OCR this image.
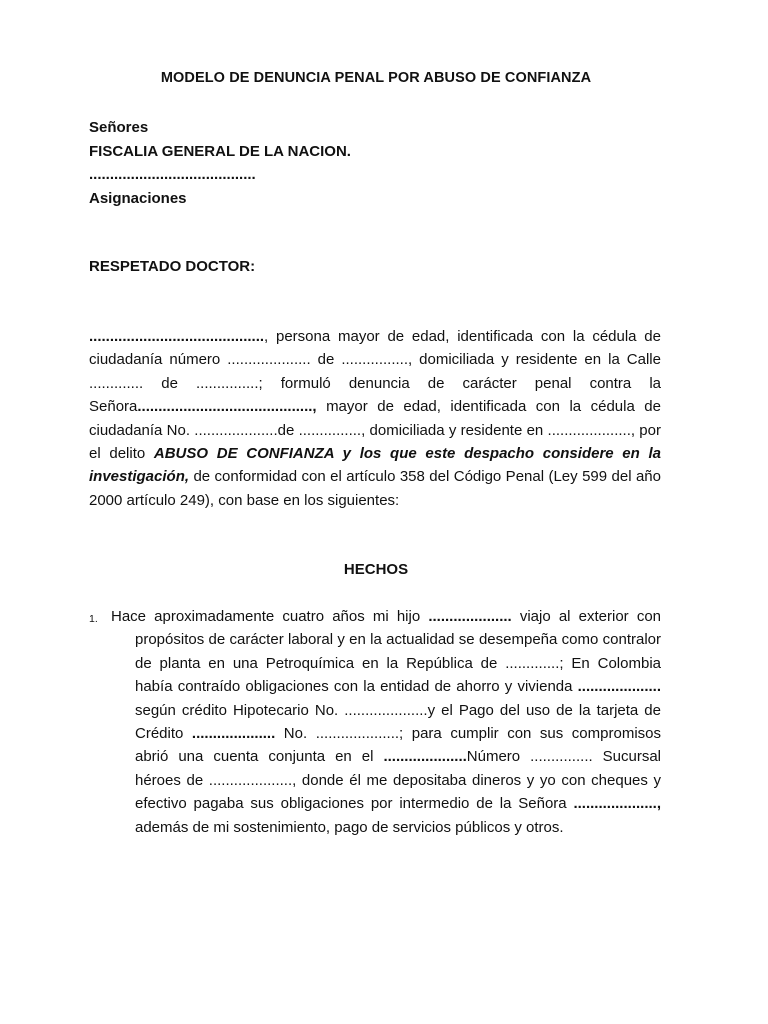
MODELO DE DENUNCIA PENAL POR ABUSO DE CONFIANZA
Señores
FISCALIA GENERAL DE LA NACION.
........................................
Asignaciones
RESPETADO DOCTOR:
.........................................., persona mayor de edad, identificada con la cédula de ciudadanía número .................... de ................, domiciliada y residente en la Calle ............. de ...............; formuló denuncia de carácter penal contra la Señora.........................................., mayor de edad, identificada con la cédula de ciudadanía No. ....................de ..............., domiciliada y residente en ...................., por el delito ABUSO DE CONFIANZA y los que este despacho considere en la investigación, de conformidad con el artículo 358 del Código Penal (Ley 599 del año 2000 artículo 249), con base en los siguientes:
HECHOS
1. Hace aproximadamente cuatro años mi hijo .................... viajo al exterior con propósitos de carácter laboral y en la actualidad se desempeña como contralor de planta en una Petroquímica en la República de .............; En Colombia había contraído obligaciones con la entidad de ahorro y vivienda .................... según crédito Hipotecario No. ....................y el Pago del uso de la tarjeta de Crédito .................... No. ....................; para cumplir con sus compromisos abrió una cuenta conjunta en el ....................Número ............... Sucursal héroes de ...................., donde él me depositaba dineros y yo con cheques y efectivo pagaba sus obligaciones por intermedio de la Señora ...................., además de mi sostenimiento, pago de servicios públicos y otros.
